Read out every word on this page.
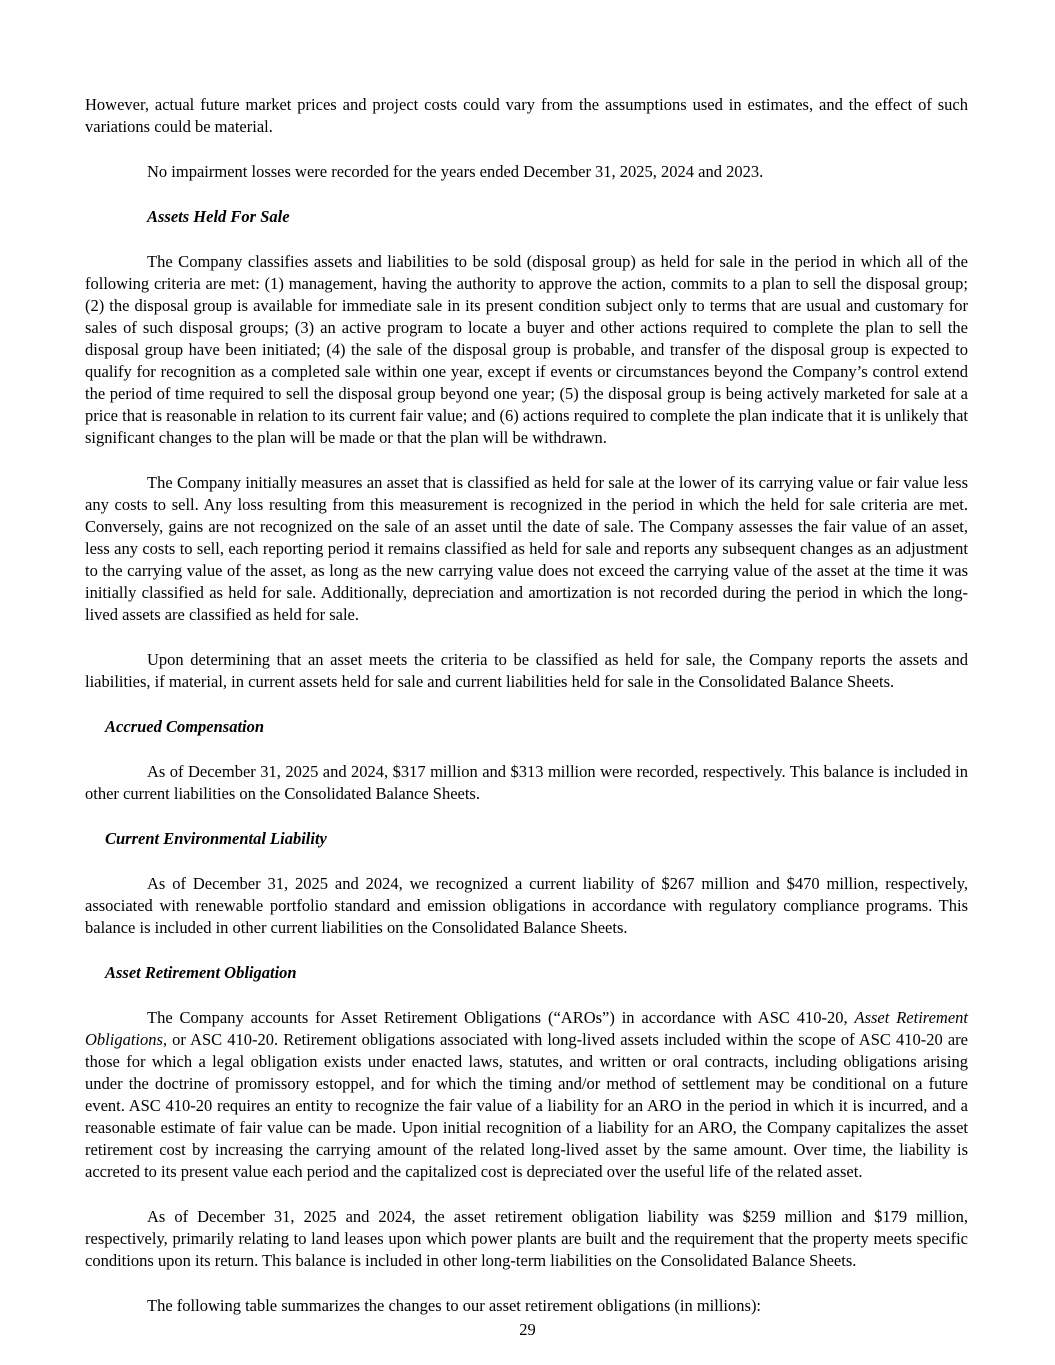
However, actual future market prices and project costs could vary from the assumptions used in estimates, and the effect of such variations could be material.

No impairment losses were recorded for the years ended December 31, 2025, 2024 and 2023.

Assets Held For Sale

The Company classifies assets and liabilities to be sold (disposal group) as held for sale in the period in which all of the following criteria are met: (1) management, having the authority to approve the action, commits to a plan to sell the disposal group; (2) the disposal group is available for immediate sale in its present condition subject only to terms that are usual and customary for sales of such disposal groups; (3) an active program to locate a buyer and other actions required to complete the plan to sell the disposal group have been initiated; (4) the sale of the disposal group is probable, and transfer of the disposal group is expected to qualify for recognition as a completed sale within one year, except if events or circumstances beyond the Company’s control extend the period of time required to sell the disposal group beyond one year; (5) the disposal group is being actively marketed for sale at a price that is reasonable in relation to its current fair value; and (6) actions required to complete the plan indicate that it is unlikely that significant changes to the plan will be made or that the plan will be withdrawn.

The Company initially measures an asset that is classified as held for sale at the lower of its carrying value or fair value less any costs to sell. Any loss resulting from this measurement is recognized in the period in which the held for sale criteria are met. Conversely, gains are not recognized on the sale of an asset until the date of sale. The Company assesses the fair value of an asset, less any costs to sell, each reporting period it remains classified as held for sale and reports any subsequent changes as an adjustment to the carrying value of the asset, as long as the new carrying value does not exceed the carrying value of the asset at the time it was initially classified as held for sale. Additionally, depreciation and amortization is not recorded during the period in which the long-lived assets are classified as held for sale.

Upon determining that an asset meets the criteria to be classified as held for sale, the Company reports the assets and liabilities, if material, in current assets held for sale and current liabilities held for sale in the Consolidated Balance Sheets.

Accrued Compensation

As of December 31, 2025 and 2024, $317 million and $313 million were recorded, respectively. This balance is included in other current liabilities on the Consolidated Balance Sheets.

Current Environmental Liability

As of December 31, 2025 and 2024, we recognized a current liability of $267 million and $470 million, respectively, associated with renewable portfolio standard and emission obligations in accordance with regulatory compliance programs. This balance is included in other current liabilities on the Consolidated Balance Sheets.

Asset Retirement Obligation

The Company accounts for Asset Retirement Obligations (“AROs”) in accordance with ASC 410-20, Asset Retirement Obligations, or ASC 410-20. Retirement obligations associated with long-lived assets included within the scope of ASC 410-20 are those for which a legal obligation exists under enacted laws, statutes, and written or oral contracts, including obligations arising under the doctrine of promissory estoppel, and for which the timing and/or method of settlement may be conditional on a future event. ASC 410-20 requires an entity to recognize the fair value of a liability for an ARO in the period in which it is incurred, and a reasonable estimate of fair value can be made. Upon initial recognition of a liability for an ARO, the Company capitalizes the asset retirement cost by increasing the carrying amount of the related long-lived asset by the same amount. Over time, the liability is accreted to its present value each period and the capitalized cost is depreciated over the useful life of the related asset.

As of December 31, 2025 and 2024, the asset retirement obligation liability was $259 million and $179 million, respectively, primarily relating to land leases upon which power plants are built and the requirement that the property meets specific conditions upon its return. This balance is included in other long-term liabilities on the Consolidated Balance Sheets.

The following table summarizes the changes to our asset retirement obligations (in millions):

29
